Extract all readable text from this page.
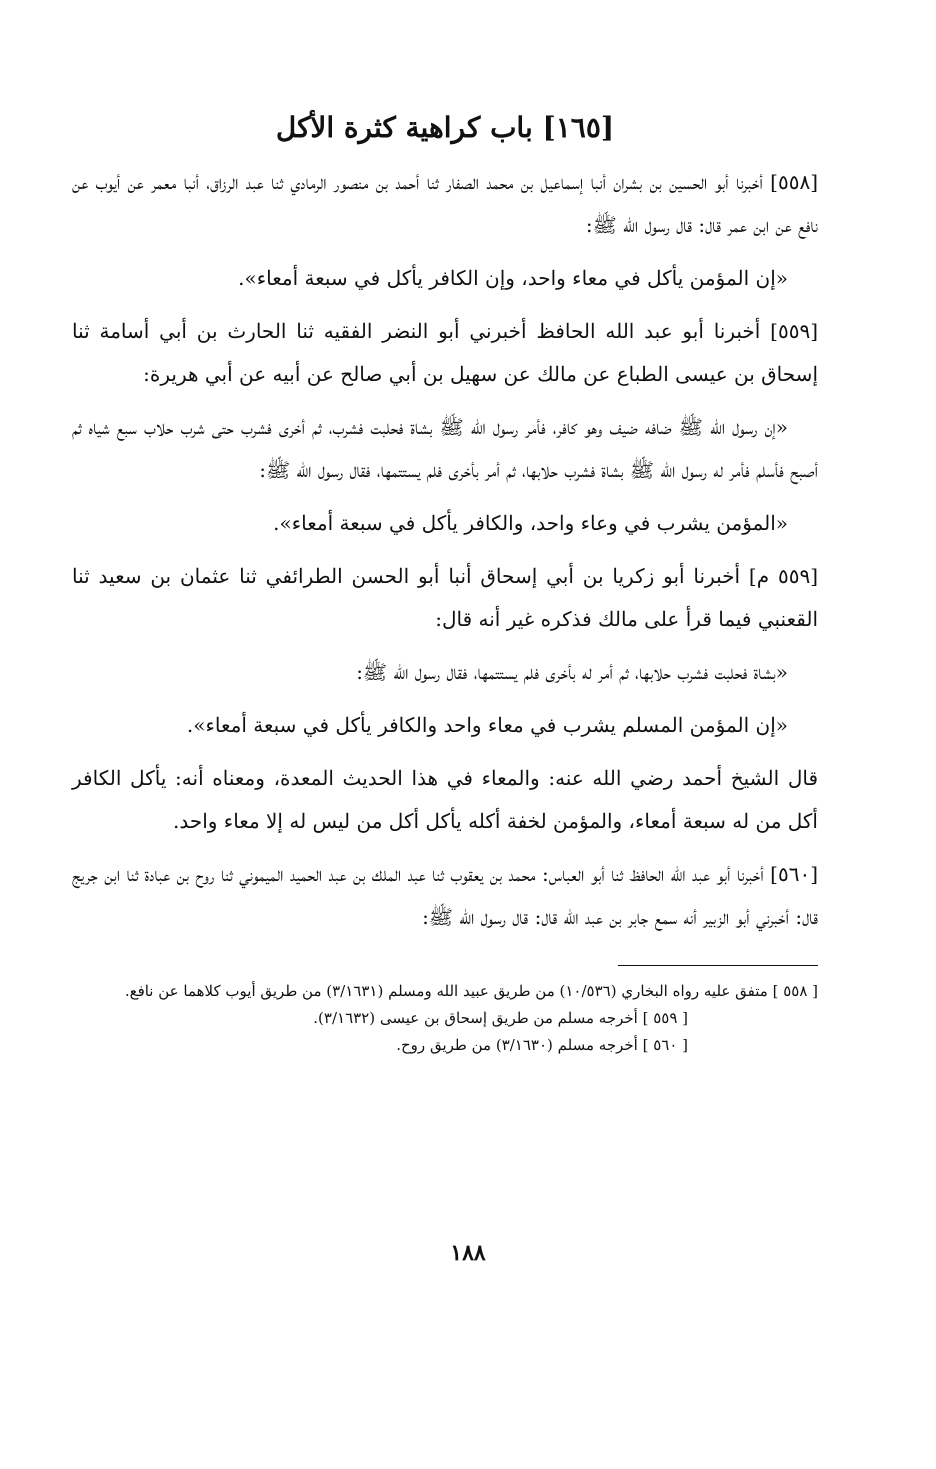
[١٦٥] باب كراهية كثرة الأكل

[٥٥٨] أخبرنا أبو الحسين بن بشران أنبا إسماعيل بن محمد الصفار ثنا أحمد بن منصور الرمادي ثنا عبد الرزاق، أنبا معمر عن أيوب عن نافع عن ابن عمر قال: قال رسول الله ﷺ:

«إن المؤمن يأكل في معاء واحد، وإن الكافر يأكل في سبعة أمعاء».

[٥٥٩] أخبرنا أبو عبد الله الحافظ أخبرني أبو النضر الفقيه ثنا الحارث بن أبي أسامة ثنا إسحاق بن عيسى الطباع عن مالك عن سهيل بن أبي صالح عن أبيه عن أبي هريرة:

«إن رسول الله ﷺ ضافه ضيف وهو كافر، فأمر رسول الله ﷺ بشاة فحلبت فشرب، ثم أخرى فشرب حتى شرب حلاب سبع شياه ثم أصبح فأسلم فأمر له رسول الله ﷺ بشاة فشرب حلابها، ثم أمر بأخرى فلم يستتمها، فقال رسول الله ﷺ:

«المؤمن يشرب في وعاء واحد، والكافر يأكل في سبعة أمعاء».

[٥٥٩ م] أخبرنا أبو زكريا بن أبي إسحاق أنبا أبو الحسن الطرائفي ثنا عثمان بن سعيد ثنا القعنبي فيما قرأ على مالك فذكره غير أنه قال:

«بشاة فحلبت فشرب حلابها، ثم أمر له بأخرى فلم يستتمها، فقال رسول الله ﷺ:

«إن المؤمن المسلم يشرب في معاء واحد والكافر يأكل في سبعة أمعاء».

قال الشيخ أحمد رضي الله عنه: والمعاء في هذا الحديث المعدة، ومعناه أنه: يأكل الكافر أكل من له سبعة أمعاء، والمؤمن لخفة أكله يأكل أكل من ليس له إلا معاء واحد.

[٥٦٠] أخبرنا أبو عبد الله الحافظ ثنا أبو العباس: محمد بن يعقوب ثنا عبد الملك بن عبد الحميد الميموني ثنا روح بن عبادة ثنا ابن جريج قال: أخبرني أبو الزبير أنه سمع جابر بن عبد الله قال: قال رسول الله ﷺ:

[ ٥٥٨ ] متفق عليه رواه البخاري (١٠/٥٣٦) من طريق عبيد الله ومسلم (٣/١٦٣١) من طريق أيوب كلاهما عن نافع.

[ ٥٥٩ ] أخرجه مسلم من طريق إسحاق بن عيسى (٣/١٦٣٢).

[ ٥٦٠ ] أخرجه مسلم (٣/١٦٣٠) من طريق روح.

١٨٨
